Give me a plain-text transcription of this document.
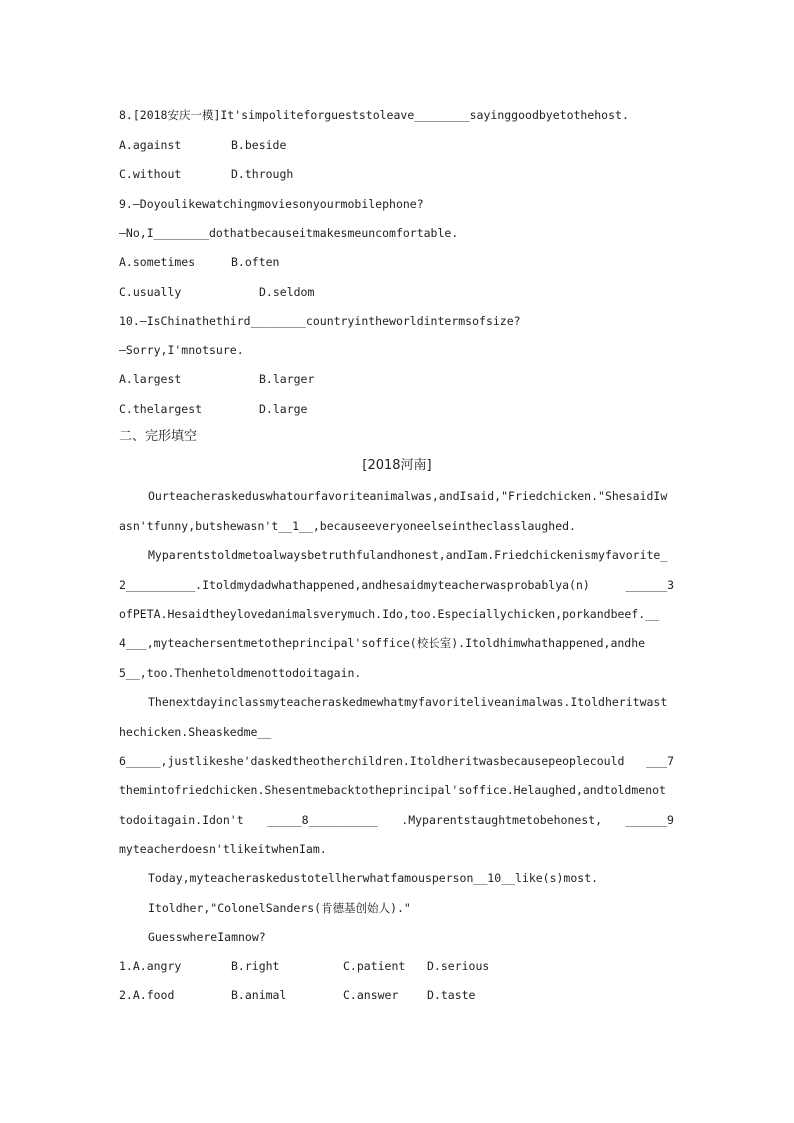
8.[2018安庆一模]It'simpoliteforgueststoleave________sayinggoodbyetothehost.
A.against	B.beside
C.without	D.through
9.—Doyoulikewatchingmoviesonyourmobilephone?
—No,I________dothatbecauseitmakesmeuncomfortable.
A.sometimes	B.often
C.usually	D.seldom
10.—IsChinathethird________countryintheworldintermsofsize?
—Sorry,I'mnotsure.
A.largest	B.larger
C.thelargest	D.large
二、完形填空
[2018河南]
Ourteacheraskeduswhatourfavoriteanimalwas,andIsaid,"Friedchicken."ShesaidIw
asn'tfunny,butshewasn't__1__,becauseeveryoneelseintheclasslaughed.
Myparentstoldmetoalwaysbetruthfulandhonest,andIam.Friedchickenismyfavorite_
2__________.Itoldmydadwhathappened,andhesaidmyteacherwasprobablya(n)	______3
ofPETA.Hesaidtheylovedanimalsverymuch.Ido,too.Especiallychicken,porkandbeef.__
4___,myteachersentmetotheprincipal'soffice(校长室).Itoldhimwhathappened,andhe
5__,too.Thenhetoldmenottodoitagain.
Thenextdayinclassmyteacheraskedmewhatmyfavoriteliveanimalwas.Itoldheritwast
hechicken.Sheaskedme__
6_____,justlikeshe'daskedtheotherchildren.Itoldheritwasbecausepeoplecould ___7
themintofriedchicken.Shesentmebacktotheprincipal'soffice.Helaughed,andtoldmenot
todoitagain.Idon't _____8__________ .Myparentstaughtmetobehonest, ______9
myteacherdoesn'tlikeitwhenIam.
Today,myteacheraskedustotellherwhatfamousperson__10__like(s)most.
Itoldher,"ColonelSanders(肯德基创始人)."
GuesswhereIamnow?
1.A.angry	B.right	C.patient D.serious
2.A.food	B.animal	C.answer D.taste
